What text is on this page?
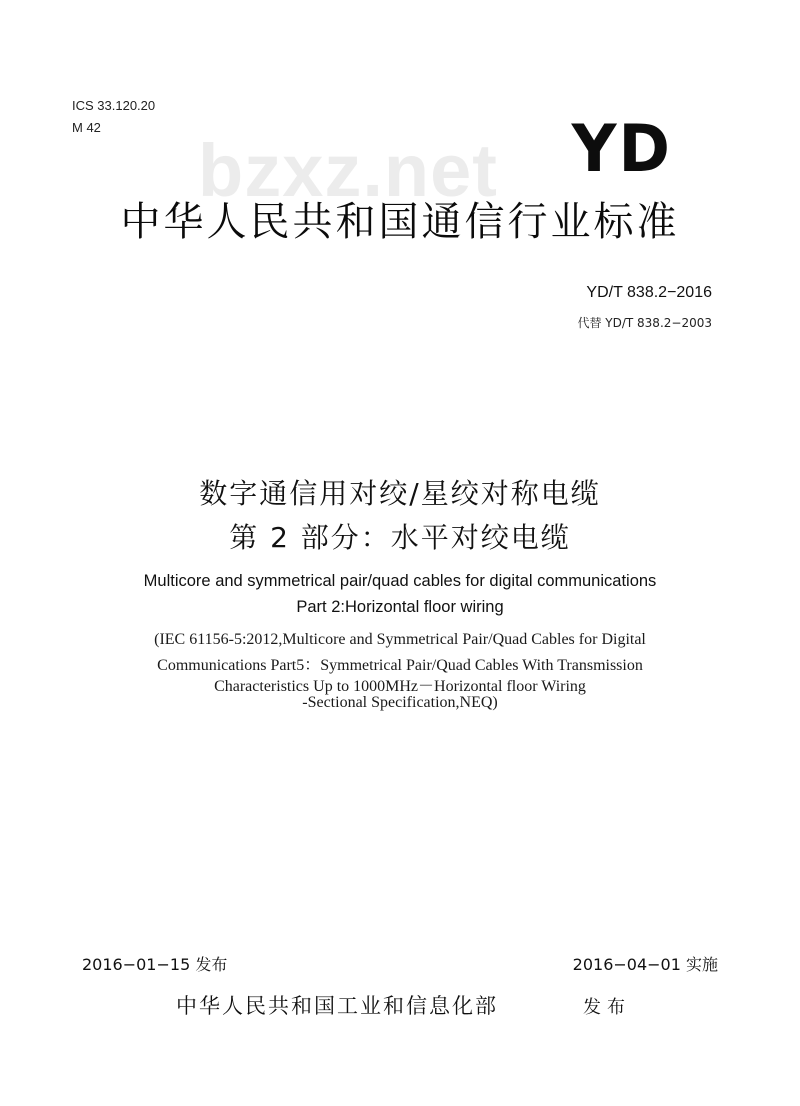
bzxz.net
ICS 33.120.20
M 42	YD
中华人民共和国通信行业标准
YD/T 838.2−2016
代替 YD/T 838.2−2003
数字通信用对绞/星绞对称电缆
第 2 部分：水平对绞电缆
Multicore and symmetrical pair/quad cables for digital communications
Part 2:Horizontal floor wiring
(IEC 61156-5:2012,Multicore and Symmetrical Pair/Quad Cables for Digital
Communications Part5：Symmetrical Pair/Quad Cables With Transmission
Characteristics Up to 1000MHz－Horizontal floor Wiring
-Sectional Specification,NEQ)
2016−01−15 发布	2016−04−01 实施
中华人民共和国工业和信息化部	发布
